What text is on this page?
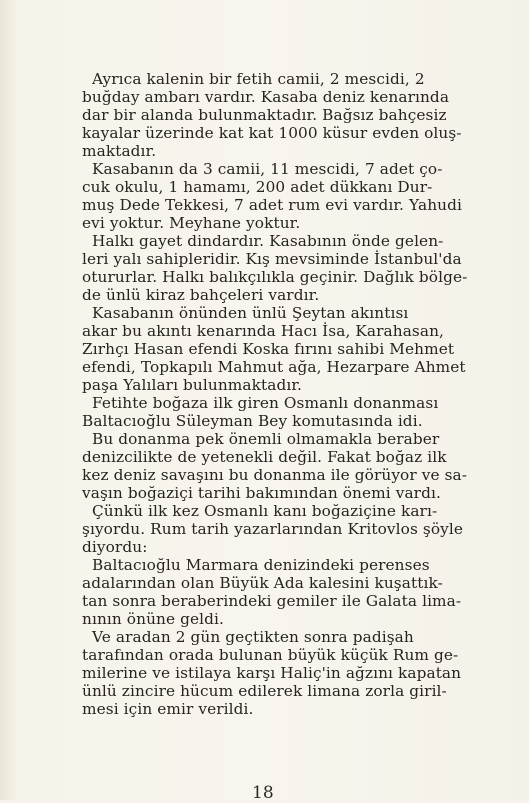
Ayrıca kalenin bir fetih camii, 2 mescidi, 2
buğday ambarı vardır. Kasaba deniz kenarında
dar bir alanda bulunmaktadır. Bağsız bahçesiz
kayalar üzerinde kat kat 1000 küsur evden oluş-
maktadır.
Kasabanın da 3 camii, 11 mescidi, 7 adet ço-
cuk okulu, 1 hamamı, 200 adet dükkanı Dur-
muş Dede Tekkesi, 7 adet rum evi vardır. Yahudi
evi yoktur. Meyhane yoktur.
Halkı gayet dindardır. Kasabının önde gelen-
leri yalı sahipleridir. Kış mevsiminde İstanbul'da
otururlar. Halkı balıkçılıkla geçinir. Dağlık bölge-
de ünlü kiraz bahçeleri vardır.
Kasabanın önünden ünlü Şeytan akıntısı
akar bu akıntı kenarında Hacı İsa, Karahasan,
Zırhçı Hasan efendi Koska fırını sahibi Mehmet
efendi, Topkapılı Mahmut ağa, Hezarpare Ahmet
paşa Yalıları bulunmaktadır.
Fetihte boğaza ilk giren Osmanlı donanması
Baltacıoğlu Süleyman Bey komutasında idi.
Bu donanma pek önemli olmamakla beraber
denizcilikte de yetenekli değil. Fakat boğaz ilk
kez deniz savaşını bu donanma ile görüyor ve sa-
vaşın boğaziçi tarihi bakımından önemi vardı.
Çünkü ilk kez Osmanlı kanı boğaziçine karı-
şıyordu. Rum tarih yazarlarından Kritovlos şöyle
diyordu:
Baltacıoğlu Marmara denizindeki perenses
adalarından olan Büyük Ada kalesini kuşattık-
tan sonra beraberindeki gemiler ile Galata lima-
nının önüne geldi.
Ve aradan 2 gün geçtikten sonra padişah
tarafından orada bulunan büyük küçük Rum ge-
milerine ve istilaya karşı Haliç'in ağzını kapatan
ünlü zincire hücum edilerek limana zorla giril-
mesi için emir verildi.
18
